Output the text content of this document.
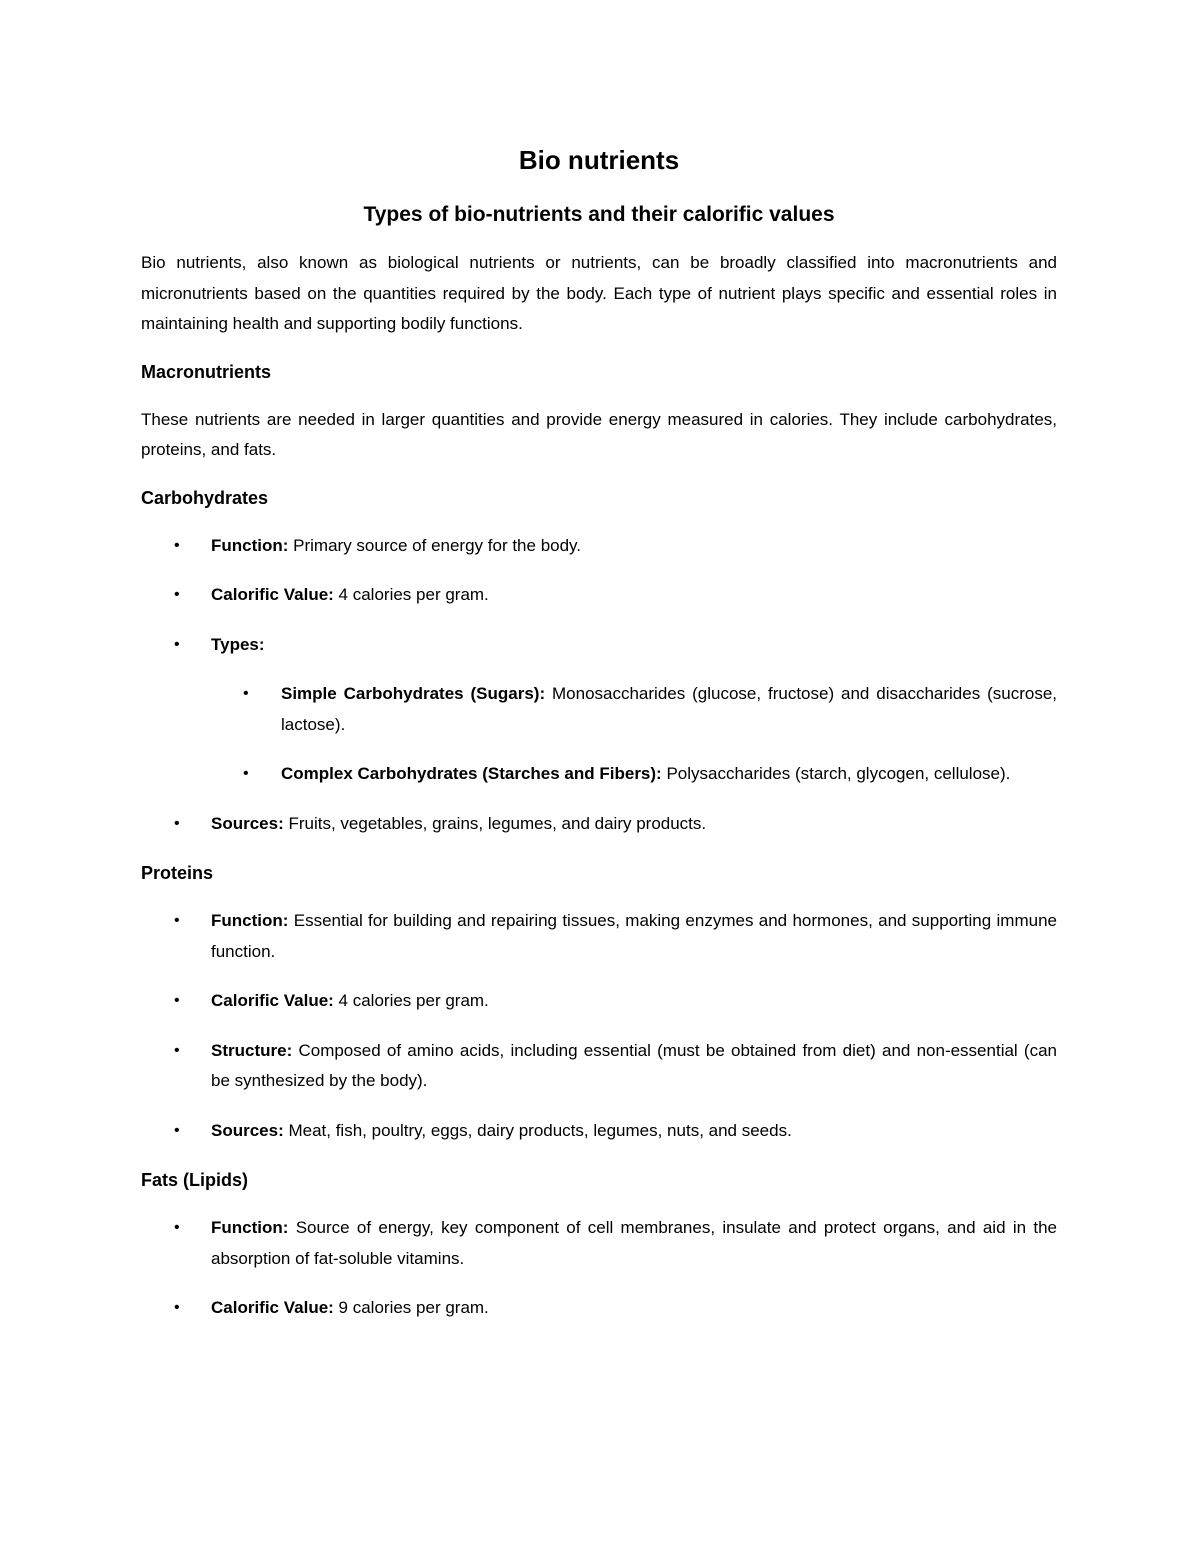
Bio nutrients
Types of bio-nutrients and their calorific values

Bio nutrients, also known as biological nutrients or nutrients, can be broadly classified into macronutrients and micronutrients based on the quantities required by the body. Each type of nutrient plays specific and essential roles in maintaining health and supporting bodily functions.

Macronutrients

These nutrients are needed in larger quantities and provide energy measured in calories. They include carbohydrates, proteins, and fats.

Carbohydrates
• Function: Primary source of energy for the body.
• Calorific Value: 4 calories per gram.
• Types:
• Simple Carbohydrates (Sugars): Monosaccharides (glucose, fructose) and disaccharides (sucrose, lactose).
• Complex Carbohydrates (Starches and Fibers): Polysaccharides (starch, glycogen, cellulose).
• Sources: Fruits, vegetables, grains, legumes, and dairy products.
Proteins
• Function: Essential for building and repairing tissues, making enzymes and hormones, and supporting immune function.
• Calorific Value: 4 calories per gram.
• Structure: Composed of amino acids, including essential (must be obtained from diet) and non-essential (can be synthesized by the body).
• Sources: Meat, fish, poultry, eggs, dairy products, legumes, nuts, and seeds.
Fats (Lipids)
• Function: Source of energy, key component of cell membranes, insulate and protect organs, and aid in the absorption of fat-soluble vitamins.
• Calorific Value: 9 calories per gram.
